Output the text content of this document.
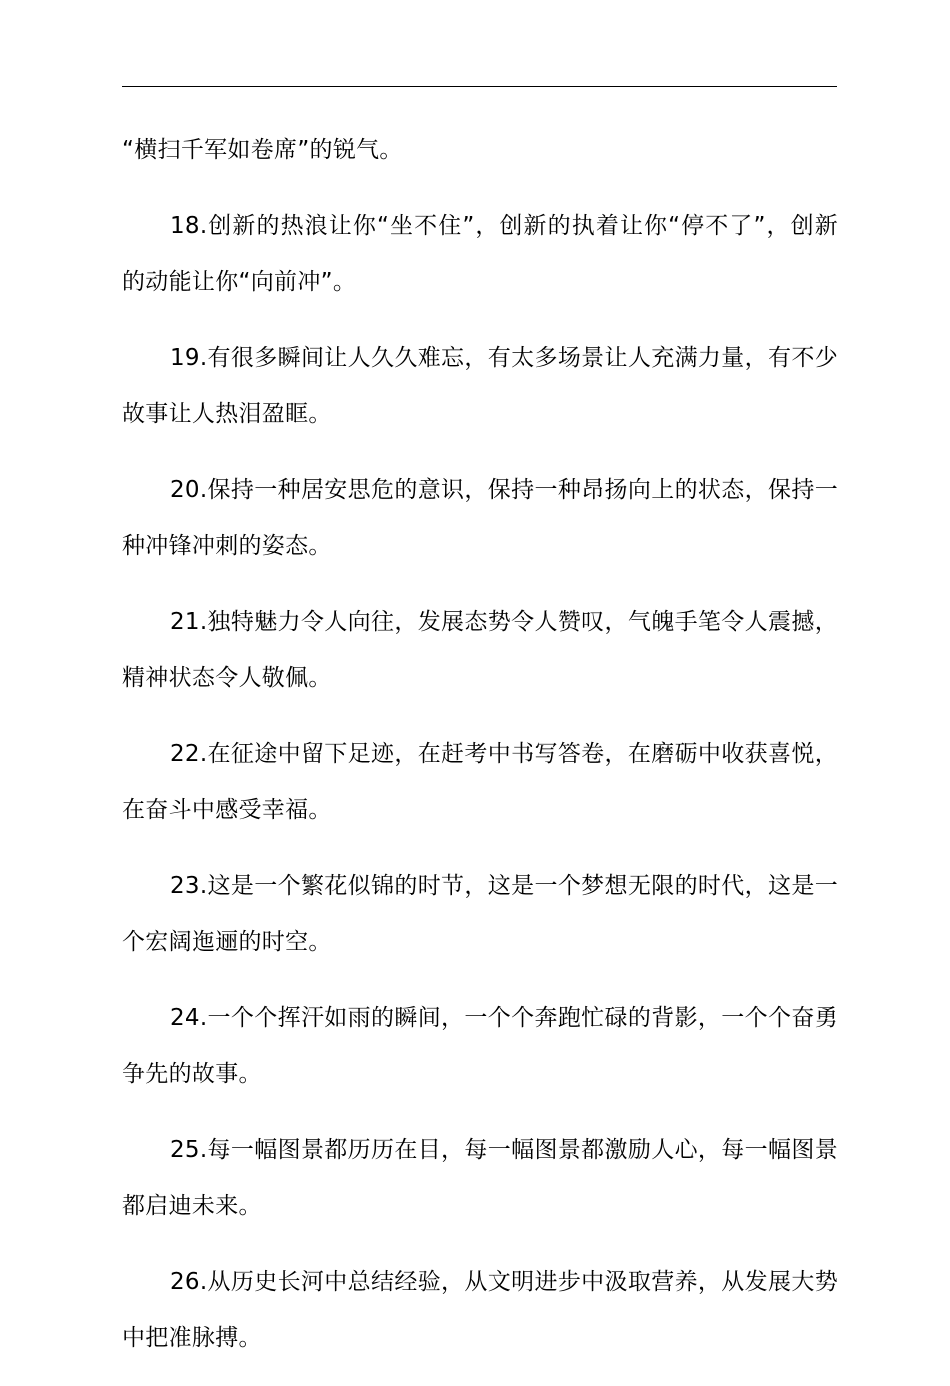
“横扫千军如卷席”的锐气。

18.创新的热浪让你“坐不住”，创新的执着让你“停不了”，创新的动能让你“向前冲”。

19.有很多瞬间让人久久难忘，有太多场景让人充满力量，有不少故事让人热泪盈眶。

20.保持一种居安思危的意识，保持一种昂扬向上的状态，保持一种冲锋冲刺的姿态。

21.独特魅力令人向往，发展态势令人赞叹，气魄手笔令人震撼，精神状态令人敬佩。

22.在征途中留下足迹，在赶考中书写答卷，在磨砺中收获喜悦，在奋斗中感受幸福。

23.这是一个繁花似锦的时节，这是一个梦想无限的时代，这是一个宏阔迤逦的时空。

24.一个个挥汗如雨的瞬间，一个个奔跑忙碌的背影，一个个奋勇争先的故事。

25.每一幅图景都历历在目，每一幅图景都激励人心，每一幅图景都启迪未来。

26.从历史长河中总结经验，从文明进步中汲取营养，从发展大势中把准脉搏。
